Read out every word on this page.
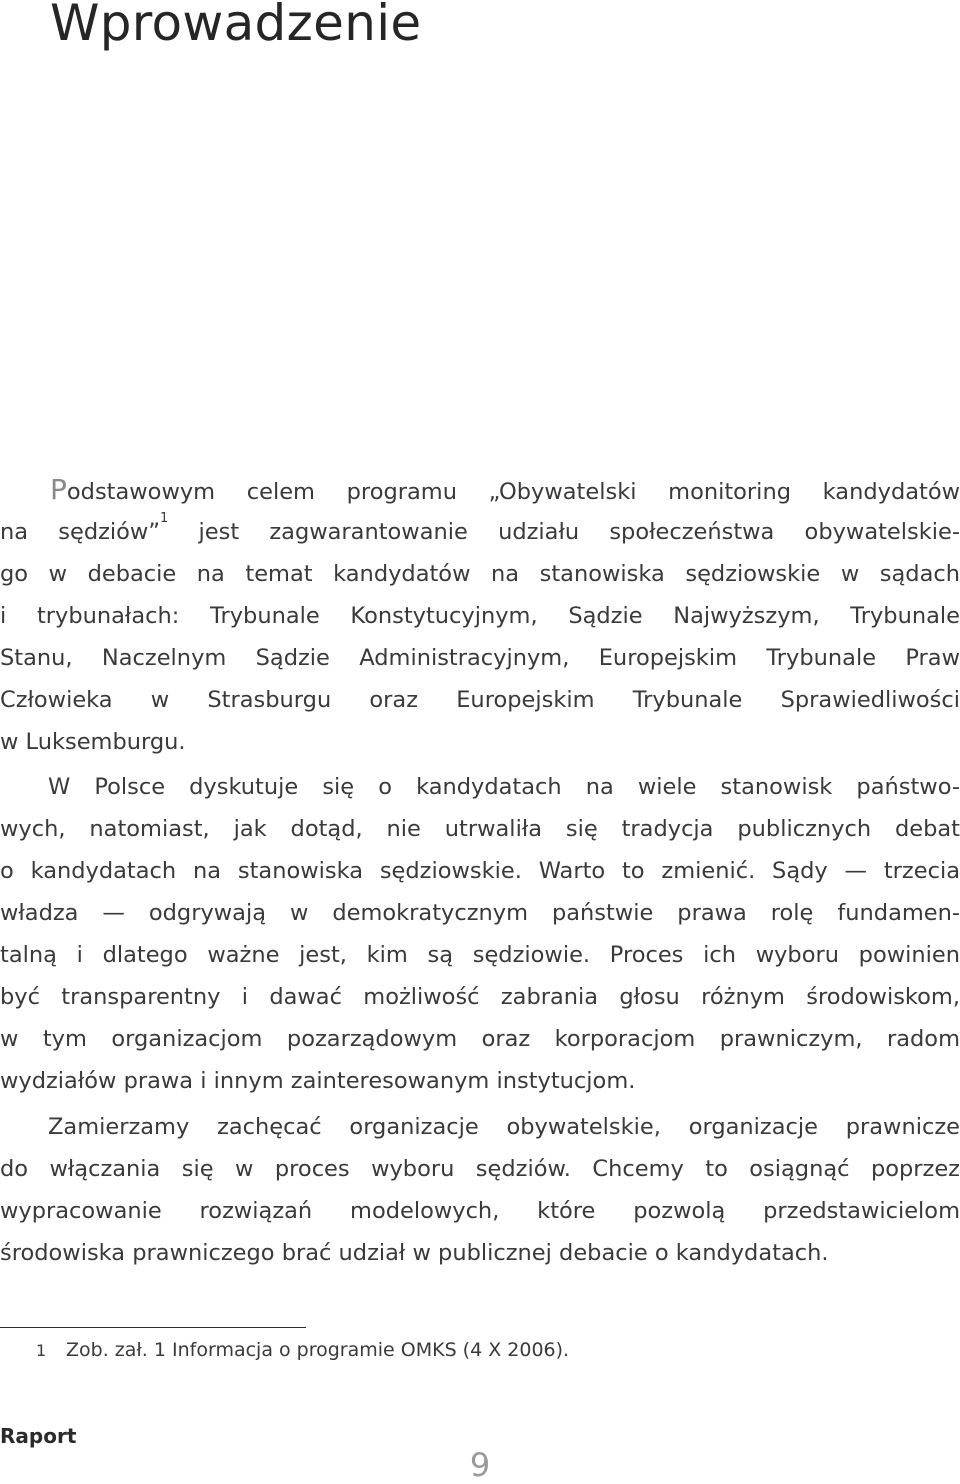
Wprowadzenie
Podstawowym celem programu „Obywatelski monitoring kandydatów
na sędziów”$^1$ jest zagwarantowanie udziału społeczeństwa obywatelskie-
go w debacie na temat kandydatów na stanowiska sędziowskie w sądach
i trybunałach: Trybunale Konstytucyjnym, Sądzie Najwyższym, Trybunale
Stanu, Naczelnym Sądzie Administracyjnym, Europejskim Trybunale Praw
Człowieka w Strasburgu oraz Europejskim Trybunale Sprawiedliwości
w Luksemburgu.
W Polsce dyskutuje się o kandydatach na wiele stanowisk państwo-
wych, natomiast, jak dotąd, nie utrwaliła się tradycja publicznych debat
o kandydatach na stanowiska sędziowskie. Warto to zmienić. Sądy — trzecia
władza — odgrywają w demokratycznym państwie prawa rolę fundamen-
talną i dlatego ważne jest, kim są sędziowie. Proces ich wyboru powinien
być transparentny i dawać możliwość zabrania głosu różnym środowiskom,
w tym organizacjom pozarządowym oraz korporacjom prawniczym, radom
wydziałów prawa i innym zainteresowanym instytucjom.
Zamierzamy zachęcać organizacje obywatelskie, organizacje prawnicze
do włączania się w proces wyboru sędziów. Chcemy to osiągnąć poprzez
wypracowanie rozwiązań modelowych, które pozwolą przedstawicielom
środowiska prawniczego brać udział w publicznej debacie o kandydatach.
1 Zob. zał. 1 Informacja o programie OMKS (4 X 2006).
Raport
9
